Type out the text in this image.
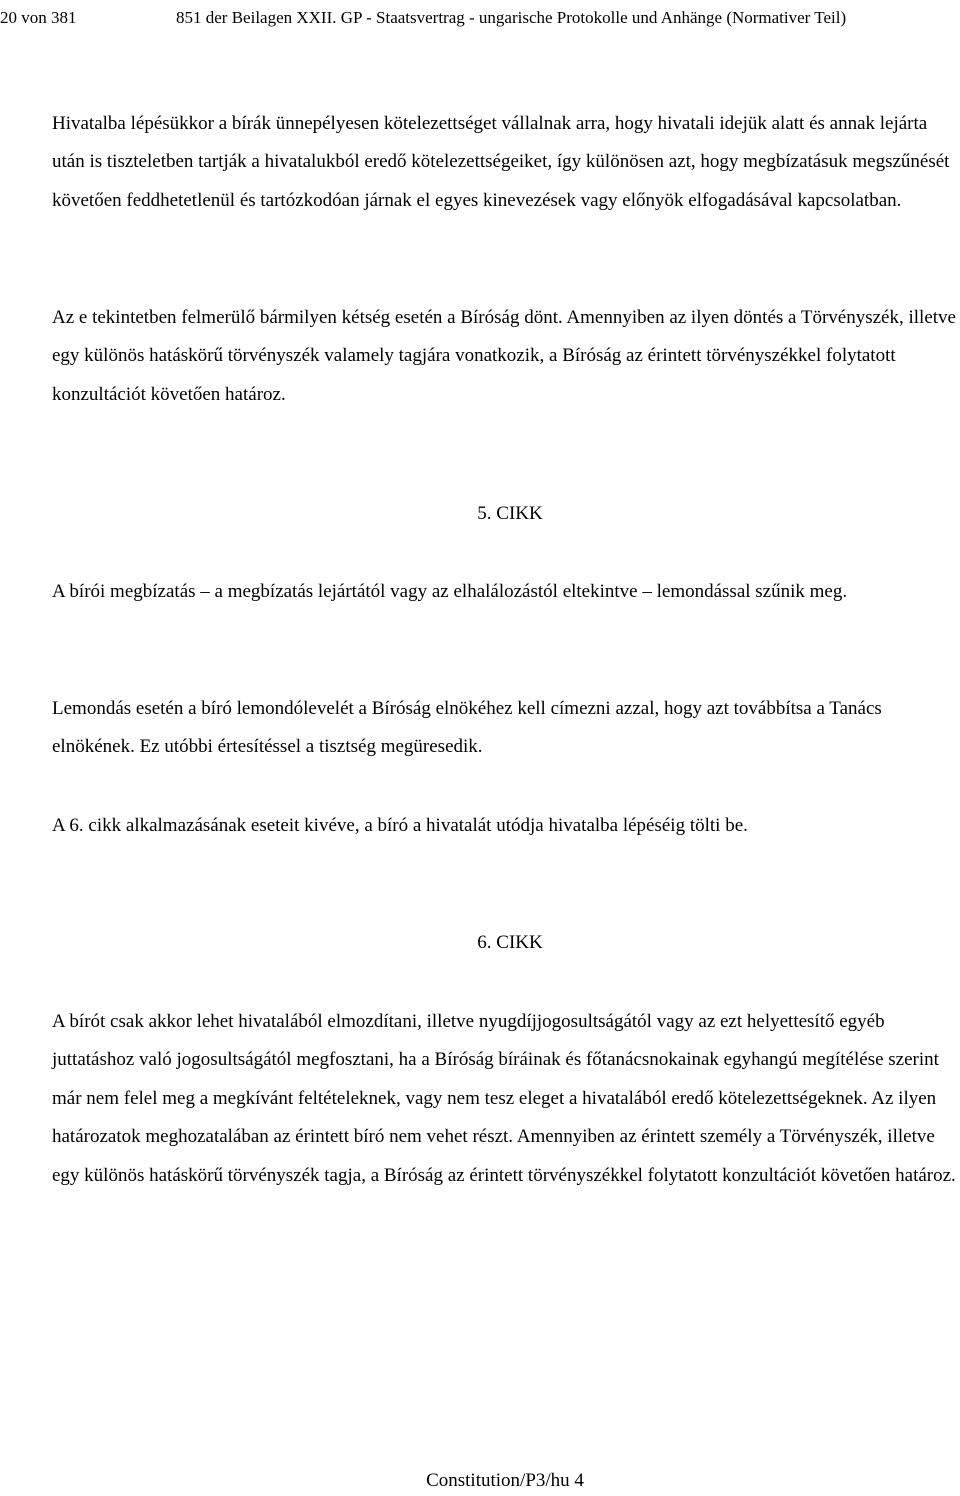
20 von 381	851 der Beilagen XXII. GP - Staatsvertrag - ungarische Protokolle und Anhänge (Normativer Teil)

Hivatalba lépésükkor a bírák ünnepélyesen kötelezettséget vállalnak arra, hogy hivatali idejük alatt és annak lejárta után is tiszteletben tartják a hivatalukból eredő kötelezettségeiket, így különösen azt, hogy megbízatásuk megszűnését követően feddhetetlenül és tartózkodóan járnak el egyes kinevezések vagy előnyök elfogadásával kapcsolatban.

Az e tekintetben felmerülő bármilyen kétség esetén a Bíróság dönt. Amennyiben az ilyen döntés a Törvényszék, illetve egy különös hatáskörű törvényszék valamely tagjára vonatkozik, a Bíróság az érintett törvényszékkel folytatott konzultációt követően határoz.

5. CIKK

A bírói megbízatás – a megbízatás lejártától vagy az elhalálozástól eltekintve – lemondással szűnik meg.

Lemondás esetén a bíró lemondólevelét a Bíróság elnökéhez kell címezni azzal, hogy azt továbbítsa a Tanács elnökének. Ez utóbbi értesítéssel a tisztség megüresedik.

A 6. cikk alkalmazásának eseteit kivéve, a bíró a hivatalát utódja hivatalba lépéséig tölti be.

6. CIKK

A bírót csak akkor lehet hivatalából elmozdítani, illetve nyugdíjjogosultságától vagy az ezt helyettesítő egyéb juttatáshoz való jogosultságától megfosztani, ha a Bíróság bíráinak és főtanácsnokainak egyhangú megítélése szerint már nem felel meg a megkívánt feltételeknek, vagy nem tesz eleget a hivatalából eredő kötelezettségeknek. Az ilyen határozatok meghozatalában az érintett bíró nem vehet részt. Amennyiben az érintett személy a Törvényszék, illetve egy különös hatáskörű törvényszék tagja, a Bíróság az érintett törvényszékkel folytatott konzultációt követően határoz.

Constitution/P3/hu 4
